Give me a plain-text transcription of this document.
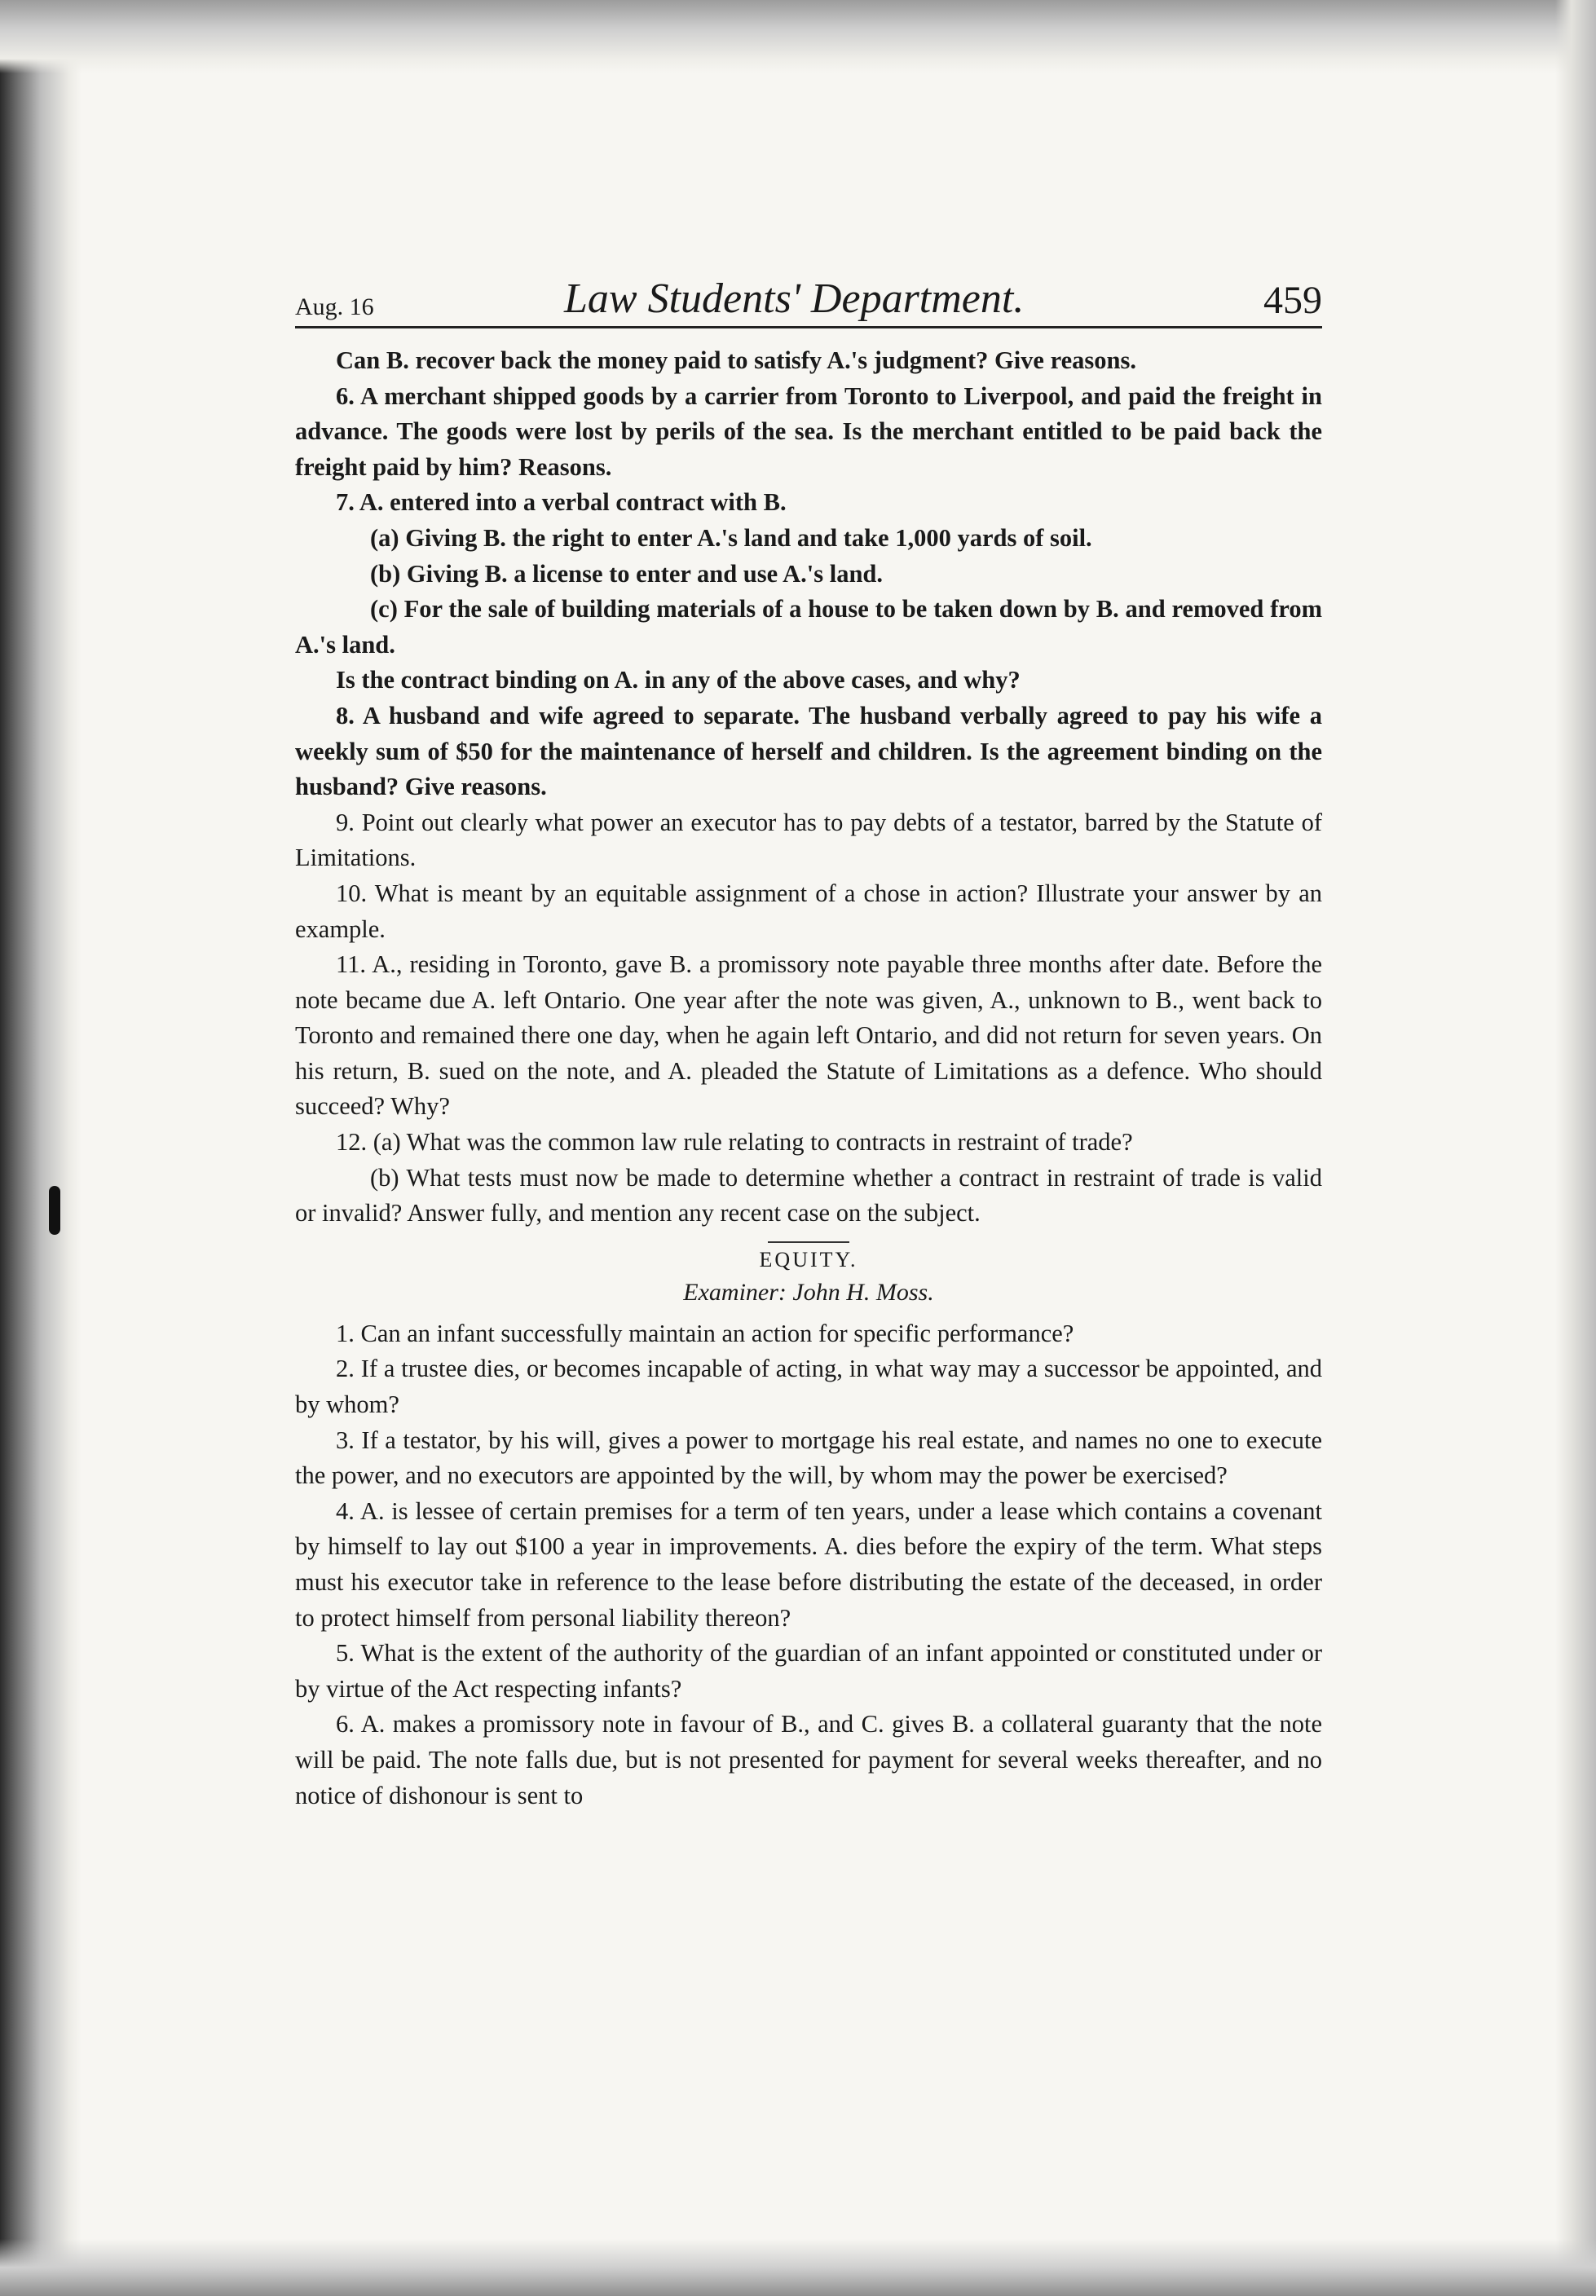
Aug. 16	Law Students' Department.	459

Can B. recover back the money paid to satisfy A.'s judgment? Give reasons.

6. A merchant shipped goods by a carrier from Toronto to Liverpool, and paid the freight in advance. The goods were lost by perils of the sea. Is the merchant entitled to be paid back the freight paid by him? Reasons.

7. A. entered into a verbal contract with B.

(a) Giving B. the right to enter A.'s land and take 1,000 yards of soil.

(b) Giving B. a license to enter and use A.'s land.

(c) For the sale of building materials of a house to be taken down by B. and removed from A.'s land.

Is the contract binding on A. in any of the above cases, and why?

8. A husband and wife agreed to separate. The husband verbally agreed to pay his wife a weekly sum of $50 for the maintenance of herself and children. Is the agreement binding on the husband? Give reasons.

9. Point out clearly what power an executor has to pay debts of a testator, barred by the Statute of Limitations.

10. What is meant by an equitable assignment of a chose in action? Illustrate your answer by an example.

11. A., residing in Toronto, gave B. a promissory note payable three months after date. Before the note became due A. left Ontario. One year after the note was given, A., unknown to B., went back to Toronto and remained there one day, when he again left Ontario, and did not return for seven years. On his return, B. sued on the note, and A. pleaded the Statute of Limitations as a defence. Who should succeed? Why?

12. (a) What was the common law rule relating to contracts in restraint of trade?

(b) What tests must now be made to determine whether a contract in restraint of trade is valid or invalid? Answer fully, and mention any recent case on the subject.

EQUITY.
Examiner: John H. Moss.

1. Can an infant successfully maintain an action for specific performance?

2. If a trustee dies, or becomes incapable of acting, in what way may a successor be appointed, and by whom?

3. If a testator, by his will, gives a power to mortgage his real estate, and names no one to execute the power, and no executors are appointed by the will, by whom may the power be exercised?

4. A. is lessee of certain premises for a term of ten years, under a lease which contains a covenant by himself to lay out $100 a year in improvements. A. dies before the expiry of the term. What steps must his executor take in reference to the lease before distributing the estate of the deceased, in order to protect himself from personal liability thereon?

5. What is the extent of the authority of the guardian of an infant appointed or constituted under or by virtue of the Act respecting infants?

6. A. makes a promissory note in favour of B., and C. gives B. a collateral guaranty that the note will be paid. The note falls due, but is not presented for payment for several weeks thereafter, and no notice of dishonour is sent to
